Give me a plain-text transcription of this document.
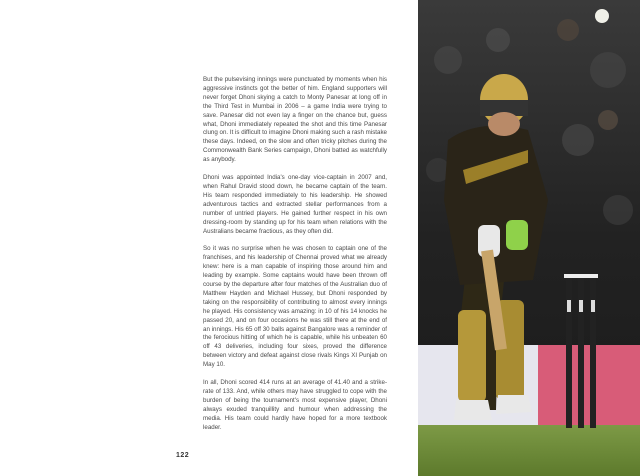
But the pulsevising innings were punctuated by moments when his aggressive instincts got the better of him. England supporters will never forget Dhoni skying a catch to Monty Panesar at long off in the Third Test in Mumbai in 2006 – a game India were trying to save. Panesar did not even lay a finger on the chance but, guess what, Dhoni immediately repeated the shot and this time Panesar clung on. It is difficult to imagine Dhoni making such a rash mistake these days. Indeed, on the slow and often tricky pitches during the Commonwealth Bank Series campaign, Dhoni batted as watchfully as anybody.

Dhoni was appointed India's one-day vice-captain in 2007 and, when Rahul Dravid stood down, he became captain of the team. His team responded immediately to his leadership. He showed adventurous tactics and extracted stellar performances from a number of untried players. He gained further respect in his own dressing-room by standing up for his team when relations with the Australians became fractious, as they often did.

So it was no surprise when he was chosen to captain one of the franchises, and his leadership of Chennai proved what we already knew: here is a man capable of inspiring those around him and leading by example. Some captains would have been thrown off course by the departure after four matches of the Australian duo of Matthew Hayden and Michael Hussey, but Dhoni responded by taking on the responsibility of contributing to almost every innings he played. His consistency was amazing: in 10 of his 14 knocks he passed 20, and on four occasions he was still there at the end of an innings. His 65 off 30 balls against Bangalore was a reminder of the ferocious hitting of which he is capable, while his unbeaten 60 off 43 deliveries, including four sixes, proved the difference between victory and defeat against close rivals Kings XI Punjab on May 10.

In all, Dhoni scored 414 runs at an average of 41.40 and a strike-rate of 133. And, while others may have struggled to cope with the burden of being the tournament's most expensive player, Dhoni always exuded tranquillity and humour when addressing the media. His team could hardly have hoped for a more textbook leader.

122
